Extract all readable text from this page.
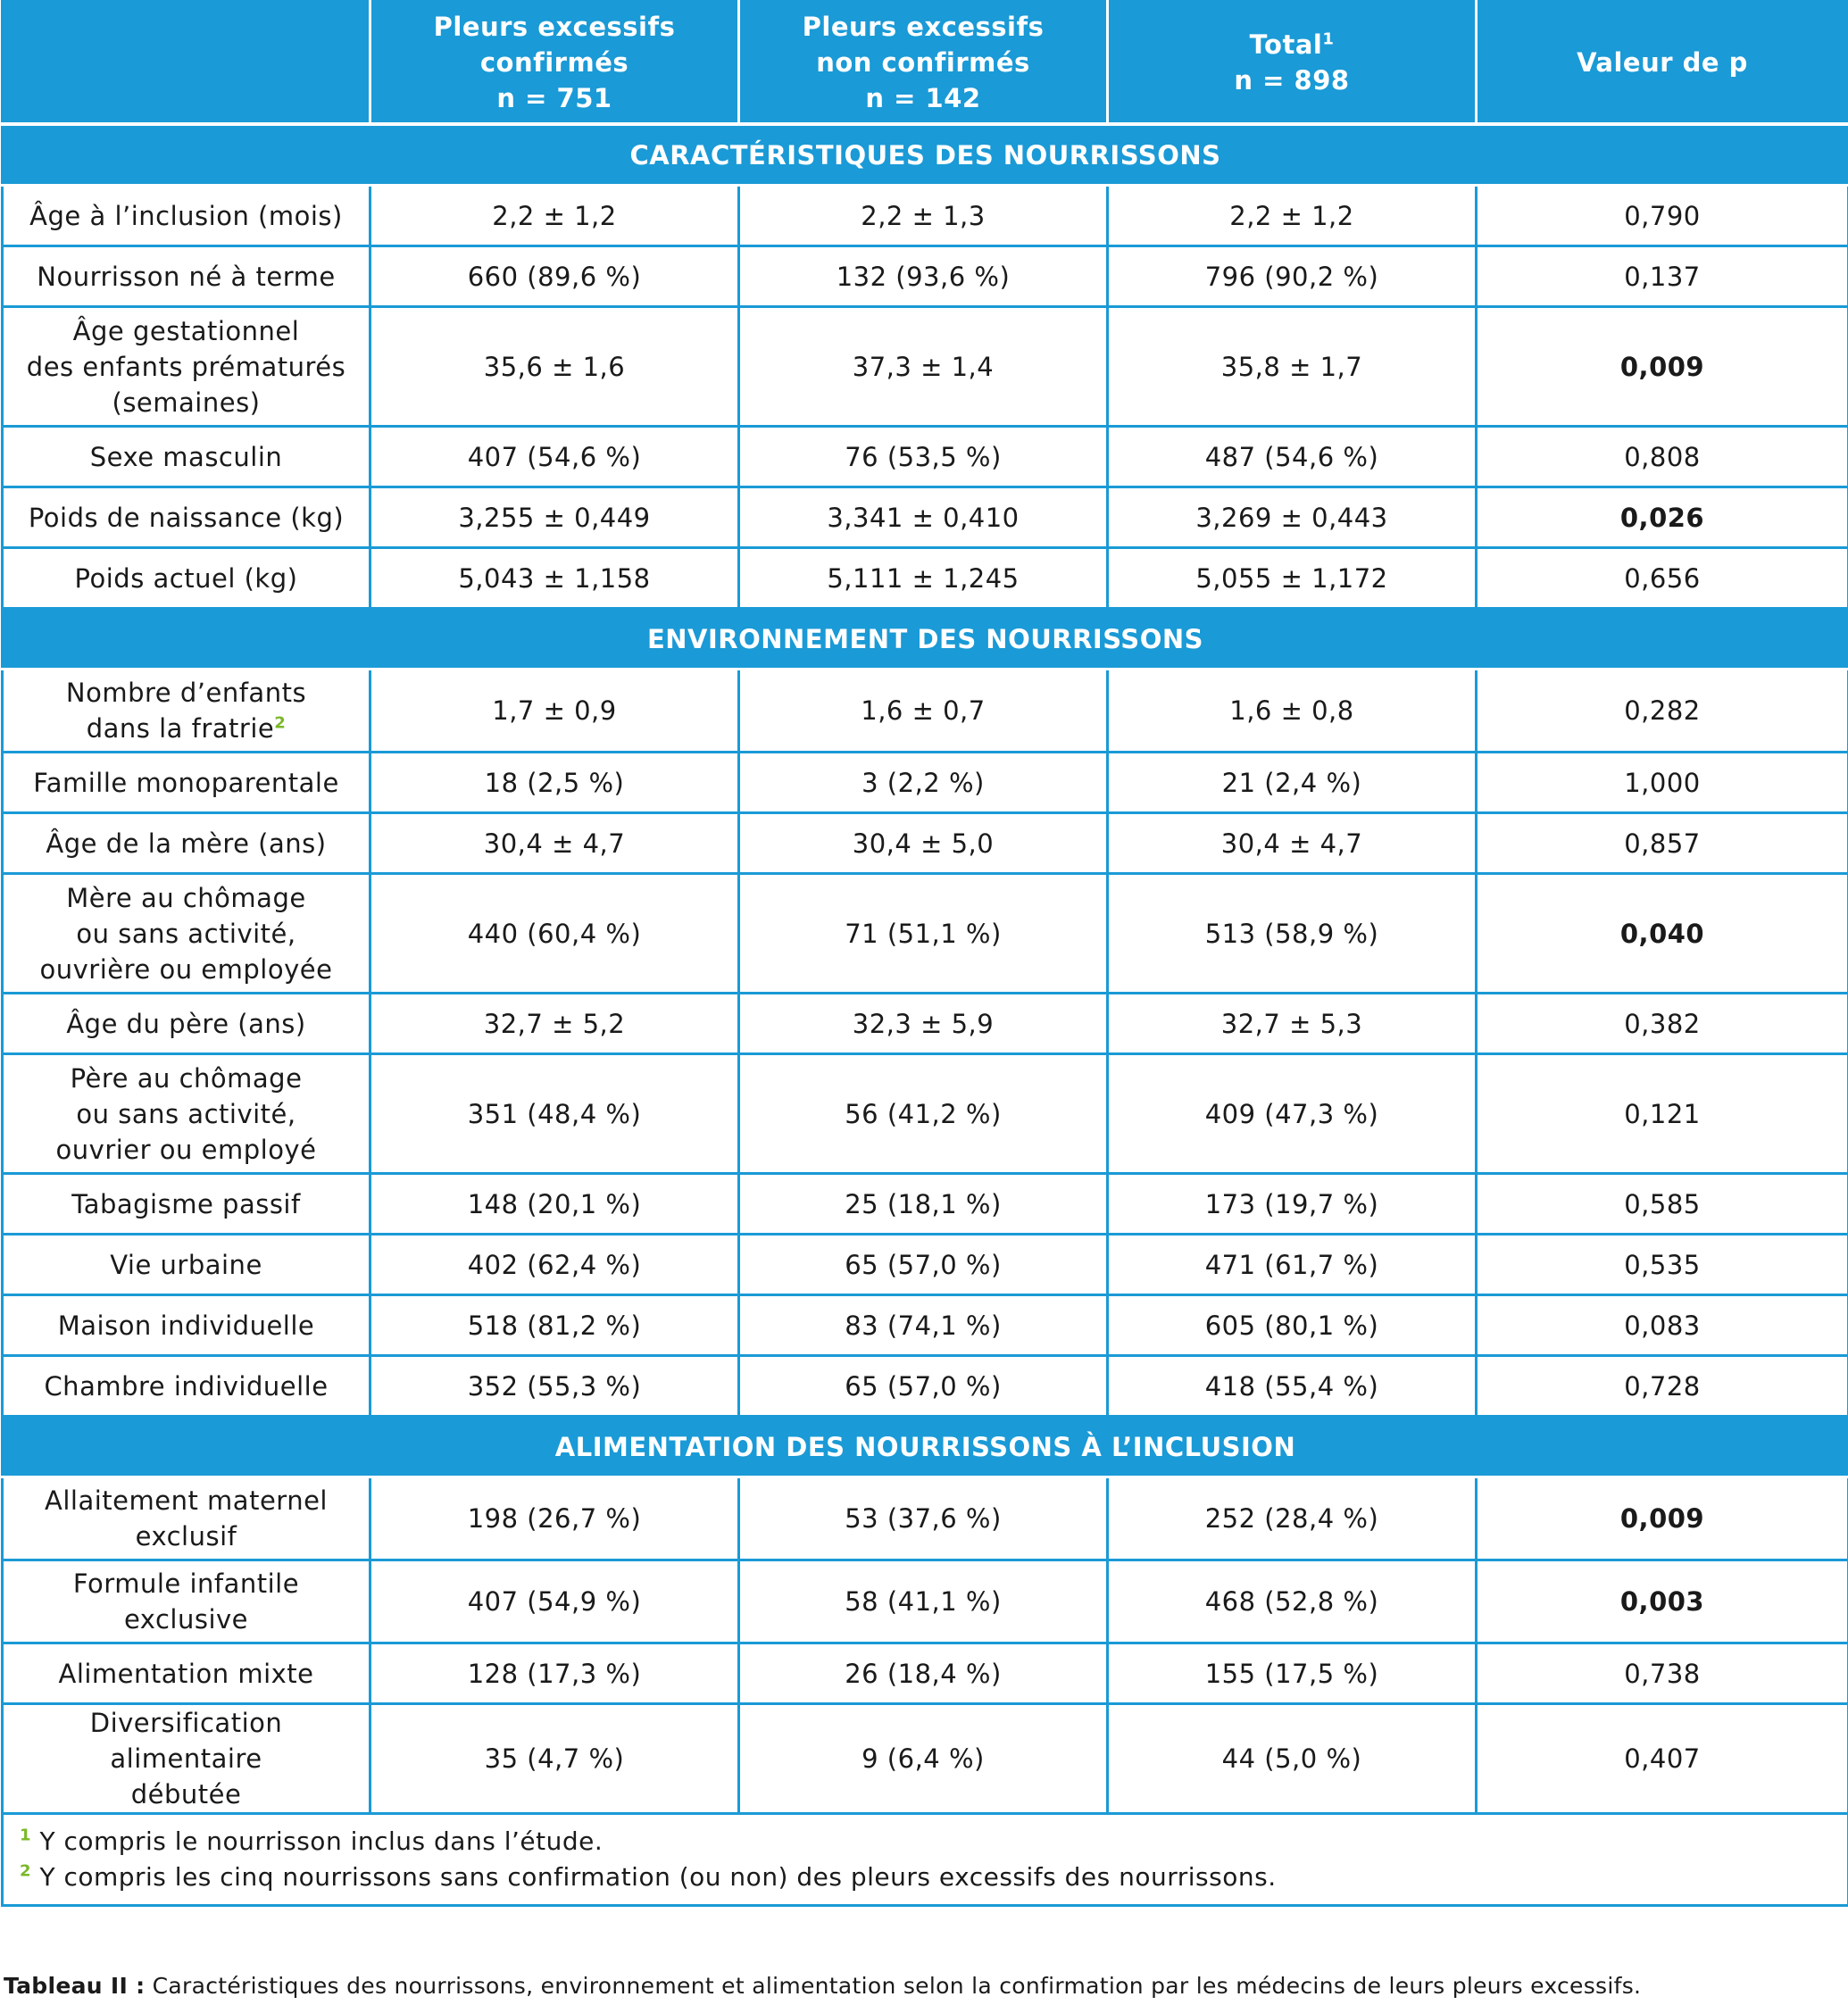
	Pleurs excessifs
confirmés
n = 751	Pleurs excessifs
non confirmés
n = 142	Total$^1$
n = 898	Valeur de p
CARACTÉRISTIQUES DES NOURRISSONS				

Âge à l’inclusion (mois)	2,2 ± 1,2	2,2 ± 1,3	2,2 ± 1,2	0,790

Nourrisson né à terme	660 (89,6 %)	132 (93,6 %)	796 (90,2 %)	0,137

Âge gestationnel
des enfants prématurés
(semaines)	35,6 ± 1,6	37,3 ± 1,4	35,8 ± 1,7	0,009

Sexe masculin	407 (54,6 %)	76 (53,5 %)	487 (54,6 %)	0,808

Poids de naissance (kg)	3,255 ± 0,449	3,341 ± 0,410	3,269 ± 0,443	0,026

Poids actuel (kg)	5,043 ± 1,158	5,111 ± 1,245	5,055 ± 1,172	0,656
ENVIRONNEMENT DES NOURRISSONS				

Nombre d’enfants
dans la fratrie$^2$	1,7 ± 0,9	1,6 ± 0,7	1,6 ± 0,8	0,282

Famille monoparentale	18 (2,5 %)	3 (2,2 %)	21 (2,4 %)	1,000

Âge de la mère (ans)	30,4 ± 4,7	30,4 ± 5,0	30,4 ± 4,7	0,857

Mère au chômage
ou sans activité,
ouvrière ou employée	440 (60,4 %)	71 (51,1 %)	513 (58,9 %)	0,040

Âge du père (ans)	32,7 ± 5,2	32,3 ± 5,9	32,7 ± 5,3	0,382

Père au chômage
ou sans activité,
ouvrier ou employé	351 (48,4 %)	56 (41,2 %)	409 (47,3 %)	0,121

Tabagisme passif	148 (20,1 %)	25 (18,1 %)	173 (19,7 %)	0,585

Vie urbaine	402 (62,4 %)	65 (57,0 %)	471 (61,7 %)	0,535

Maison individuelle	518 (81,2 %)	83 (74,1 %)	605 (80,1 %)	0,083

Chambre individuelle	352 (55,3 %)	65 (57,0 %)	418 (55,4 %)	0,728
ALIMENTATION DES NOURRISSONS À L’INCLUSION				

Allaitement maternel
exclusif	198 (26,7 %)	53 (37,6 %)	252 (28,4 %)	0,009

Formule infantile
exclusive	407 (54,9 %)	58 (41,1 %)	468 (52,8 %)	0,003

Alimentation mixte	128 (17,3 %)	26 (18,4 %)	155 (17,5 %)	0,738

Diversification alimentaire
débutée	35 (4,7 %)	9 (6,4 %)	44 (5,0 %)	0,407

$^1$ Y compris le nourrisson inclus dans l’étude.
$^2$ Y compris les cinq nourrissons sans confirmation (ou non) des pleurs excessifs des nourrissons.				
Tableau II : Caractéristiques des nourrissons, environnement et alimentation selon la confirmation par les médecins de leurs pleurs excessifs.
